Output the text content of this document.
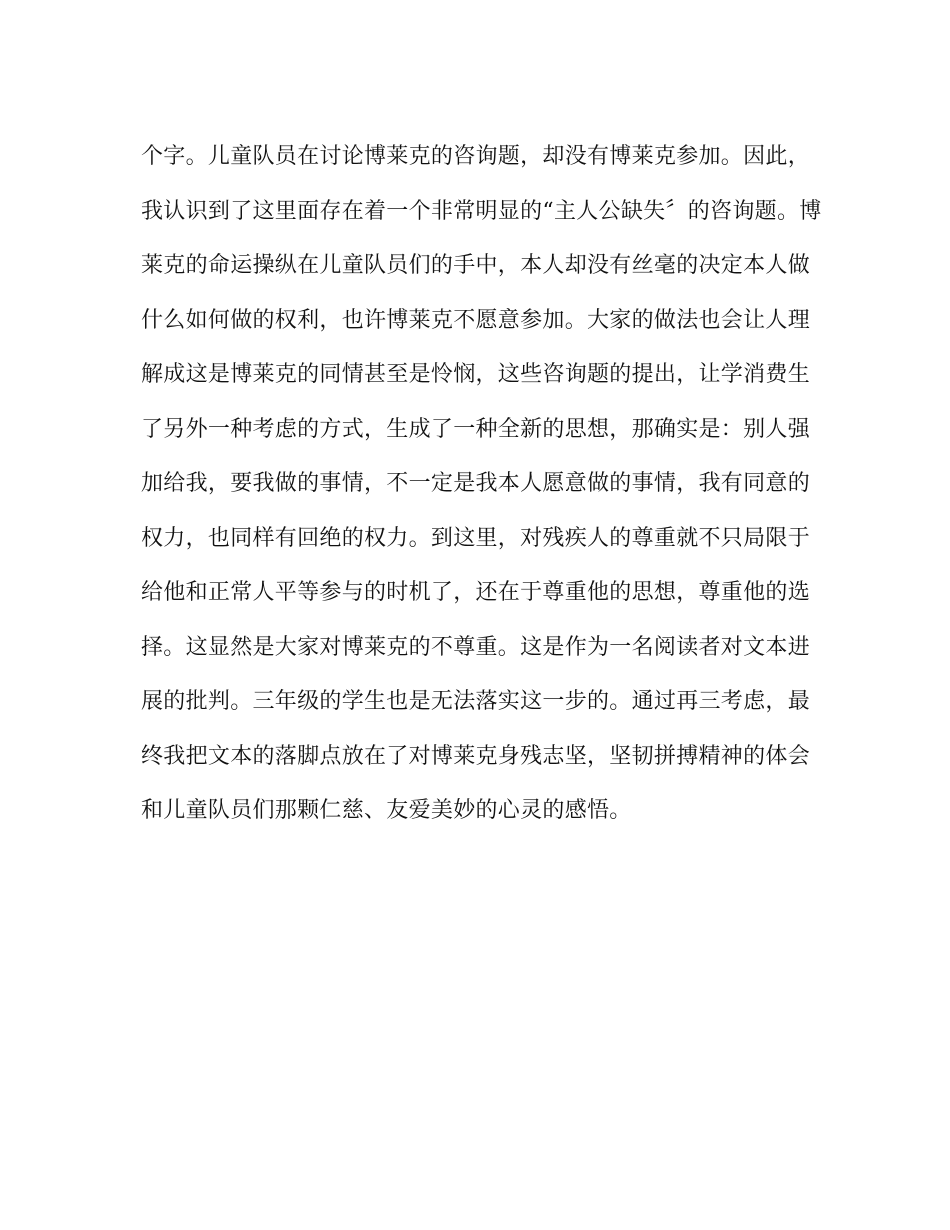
个字。儿童队员在讨论博莱克的咨询题，却没有博莱克参加。因此，
我认识到了这里面存在着一个非常明显的“主人公缺失〞的咨询题。博
莱克的命运操纵在儿童队员们的手中，本人却没有丝毫的决定本人做
什么如何做的权利，也许博莱克不愿意参加。大家的做法也会让人理
解成这是博莱克的同情甚至是怜悯，这些咨询题的提出，让学消费生
了另外一种考虑的方式，生成了一种全新的思想，那确实是：别人强
加给我，要我做的事情，不一定是我本人愿意做的事情，我有同意的
权力，也同样有回绝的权力。到这里，对残疾人的尊重就不只局限于
给他和正常人平等参与的时机了，还在于尊重他的思想，尊重他的选
择。这显然是大家对博莱克的不尊重。这是作为一名阅读者对文本进
展的批判。三年级的学生也是无法落实这一步的。通过再三考虑，最
终我把文本的落脚点放在了对博莱克身残志坚，坚韧拼搏精神的体会
和儿童队员们那颗仁慈、友爱美妙的心灵的感悟。
